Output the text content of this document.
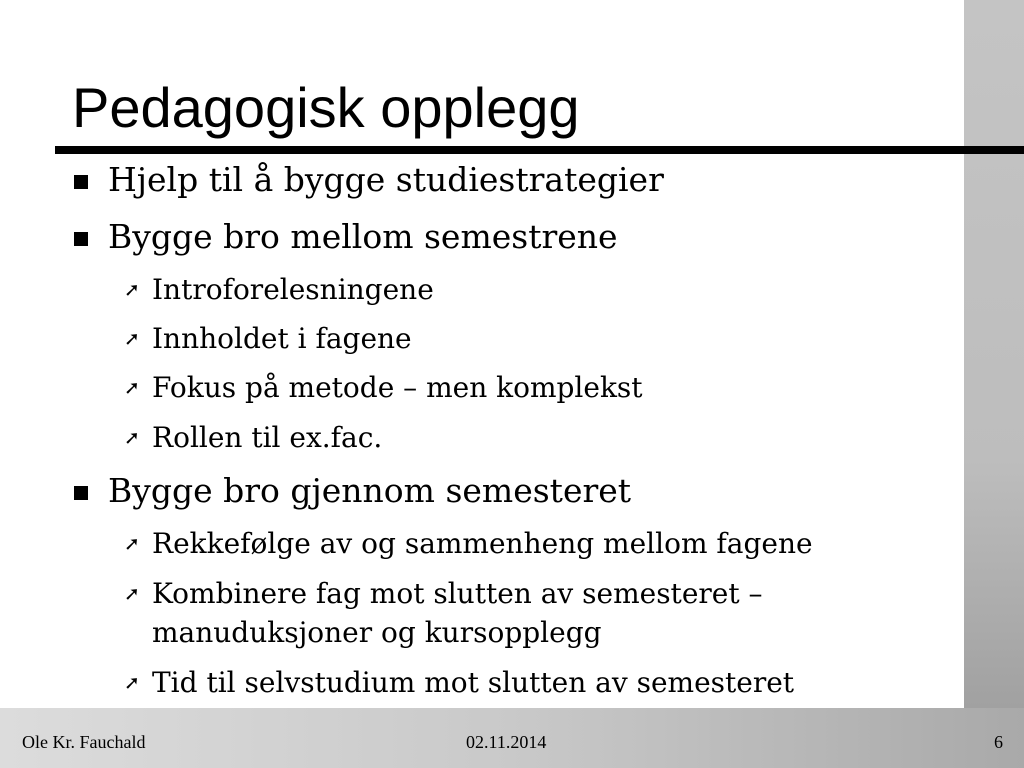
Pedagogisk opplegg
Hjelp til å bygge studiestrategier
Bygge bro mellom semestrene
➚ Introforelesningene
➚ Innholdet i fagene
➚ Fokus på metode – men komplekst
➚ Rollen til ex.fac.
Bygge bro gjennom semesteret
➚ Rekkefølge av og sammenheng mellom fagene
➚ Kombinere fag mot slutten av semesteret –
manuduksjoner og kursopplegg
➚ Tid til selvstudium mot slutten av semesteret
Ole Kr. Fauchald	02.11.2014	6
